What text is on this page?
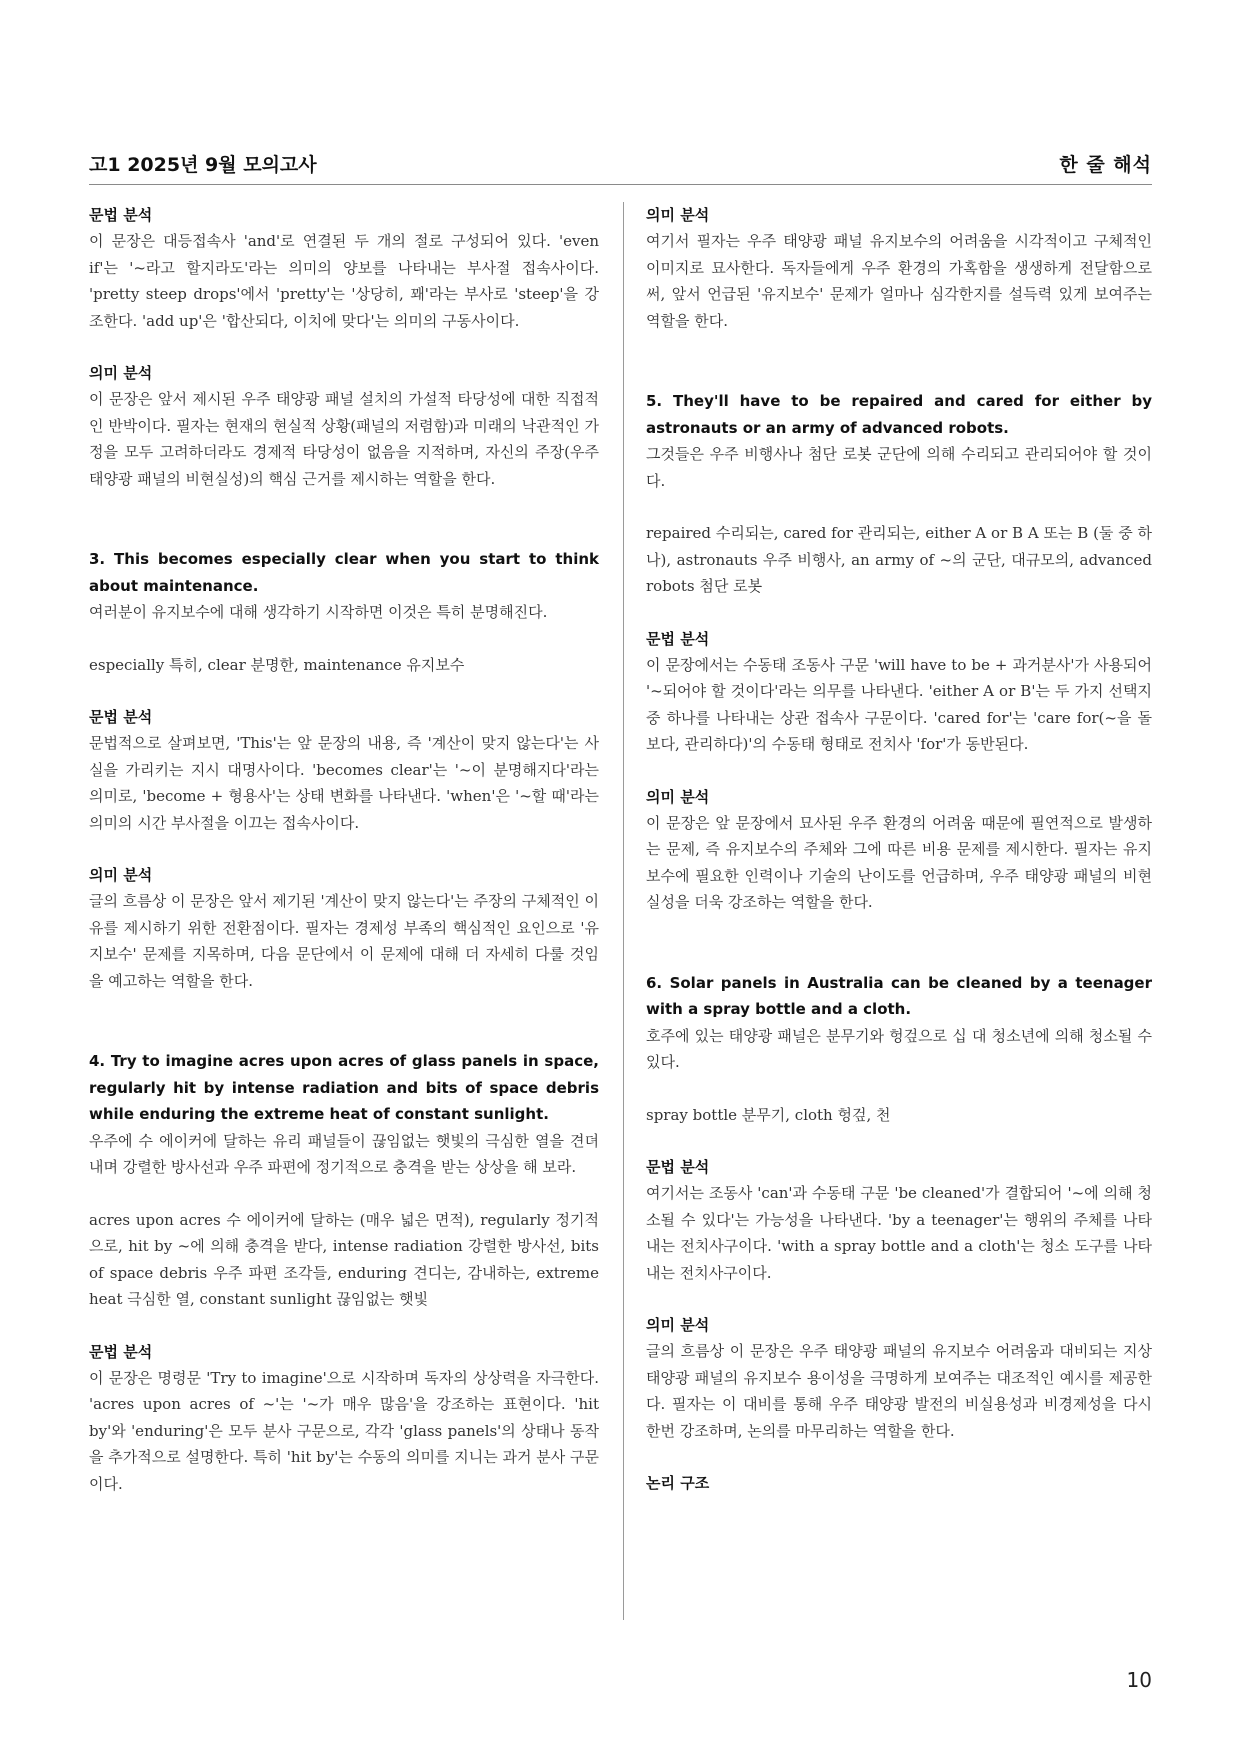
고1 2025년 9월 모의고사	한 줄 해석

문법 분석

이 문장은 대등접속사 'and'로 연결된 두 개의 절로 구성되어 있다. 'even if'는 '~라고 할지라도'라는 의미의 양보를 나타내는 부사절 접속사이다. 'pretty steep drops'에서 'pretty'는 '상당히, 꽤'라는 부사로 'steep'을 강조한다. 'add up'은 '합산되다, 이치에 맞다'는 의미의 구동사이다.

의미 분석

이 문장은 앞서 제시된 우주 태양광 패널 설치의 가설적 타당성에 대한 직접적인 반박이다. 필자는 현재의 현실적 상황(패널의 저렴함)과 미래의 낙관적인 가정을 모두 고려하더라도 경제적 타당성이 없음을 지적하며, 자신의 주장(우주 태양광 패널의 비현실성)의 핵심 근거를 제시하는 역할을 한다.

3. This becomes especially clear when you start to think about maintenance.

여러분이 유지보수에 대해 생각하기 시작하면 이것은 특히 분명해진다.

especially 특히, clear 분명한, maintenance 유지보수

문법 분석

문법적으로 살펴보면, 'This'는 앞 문장의 내용, 즉 '계산이 맞지 않는다'는 사실을 가리키는 지시 대명사이다. 'becomes clear'는 '~이 분명해지다'라는 의미로, 'become + 형용사'는 상태 변화를 나타낸다. 'when'은 '~할 때'라는 의미의 시간 부사절을 이끄는 접속사이다.

의미 분석

글의 흐름상 이 문장은 앞서 제기된 '계산이 맞지 않는다'는 주장의 구체적인 이유를 제시하기 위한 전환점이다. 필자는 경제성 부족의 핵심적인 요인으로 '유지보수' 문제를 지목하며, 다음 문단에서 이 문제에 대해 더 자세히 다룰 것임을 예고하는 역할을 한다.

4. Try to imagine acres upon acres of glass panels in space, regularly hit by intense radiation and bits of space debris while enduring the extreme heat of constant sunlight.

우주에 수 에이커에 달하는 유리 패널들이 끊임없는 햇빛의 극심한 열을 견뎌 내며 강렬한 방사선과 우주 파편에 정기적으로 충격을 받는 상상을 해 보라.

acres upon acres 수 에이커에 달하는 (매우 넓은 면적), regularly 정기적으로, hit by ~에 의해 충격을 받다, intense radiation 강렬한 방사선, bits of space debris 우주 파편 조각들, enduring 견디는, 감내하는, extreme heat 극심한 열, constant sunlight 끊임없는 햇빛

문법 분석

이 문장은 명령문 'Try to imagine'으로 시작하며 독자의 상상력을 자극한다. 'acres upon acres of ~'는 '~가 매우 많음'을 강조하는 표현이다. 'hit by'와 'enduring'은 모두 분사 구문으로, 각각 'glass panels'의 상태나 동작을 추가적으로 설명한다. 특히 'hit by'는 수동의 의미를 지니는 과거 분사 구문이다.

의미 분석

여기서 필자는 우주 태양광 패널 유지보수의 어려움을 시각적이고 구체적인 이미지로 묘사한다. 독자들에게 우주 환경의 가혹함을 생생하게 전달함으로써, 앞서 언급된 '유지보수' 문제가 얼마나 심각한지를 설득력 있게 보여주는 역할을 한다.

5. They'll have to be repaired and cared for either by astronauts or an army of advanced robots.

그것들은 우주 비행사나 첨단 로봇 군단에 의해 수리되고 관리되어야 할 것이다.

repaired 수리되는, cared for 관리되는, either A or B A 또는 B (둘 중 하나), astronauts 우주 비행사, an army of ~의 군단, 대규모의, advanced robots 첨단 로봇

문법 분석

이 문장에서는 수동태 조동사 구문 'will have to be + 과거분사'가 사용되어 '~되어야 할 것이다'라는 의무를 나타낸다. 'either A or B'는 두 가지 선택지 중 하나를 나타내는 상관 접속사 구문이다. 'cared for'는 'care for(~을 돌보다, 관리하다)'의 수동태 형태로 전치사 'for'가 동반된다.

의미 분석

이 문장은 앞 문장에서 묘사된 우주 환경의 어려움 때문에 필연적으로 발생하는 문제, 즉 유지보수의 주체와 그에 따른 비용 문제를 제시한다. 필자는 유지보수에 필요한 인력이나 기술의 난이도를 언급하며, 우주 태양광 패널의 비현실성을 더욱 강조하는 역할을 한다.

6. Solar panels in Australia can be cleaned by a teenager with a spray bottle and a cloth.

호주에 있는 태양광 패널은 분무기와 헝겊으로 십 대 청소년에 의해 청소될 수 있다.

spray bottle 분무기, cloth 헝겊, 천

문법 분석

여기서는 조동사 'can'과 수동태 구문 'be cleaned'가 결합되어 '~에 의해 청소될 수 있다'는 가능성을 나타낸다. 'by a teenager'는 행위의 주체를 나타내는 전치사구이다. 'with a spray bottle and a cloth'는 청소 도구를 나타내는 전치사구이다.

의미 분석

글의 흐름상 이 문장은 우주 태양광 패널의 유지보수 어려움과 대비되는 지상 태양광 패널의 유지보수 용이성을 극명하게 보여주는 대조적인 예시를 제공한다. 필자는 이 대비를 통해 우주 태양광 발전의 비실용성과 비경제성을 다시 한번 강조하며, 논의를 마무리하는 역할을 한다.

논리 구조

10
